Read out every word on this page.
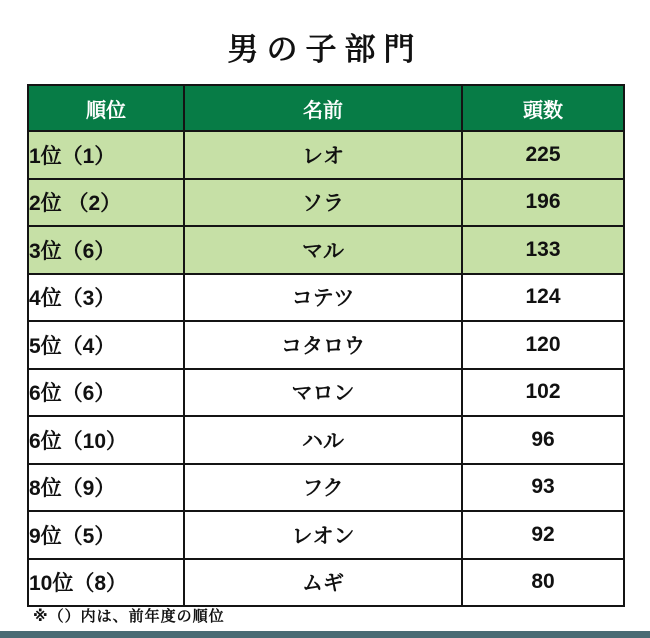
男の子部門
順位	名前	頭数
1位（1）	レオ	225
2位 （2）	ソラ	196
3位（6）	マル	133
4位（3）	コテツ	124
5位（4）	コタロウ	120
6位（6）	マロン	102
6位（10）	ハル	96
8位（9）	フク	93
9位（5）	レオン	92
10位（8）	ムギ	80
※（）内は、前年度の順位
